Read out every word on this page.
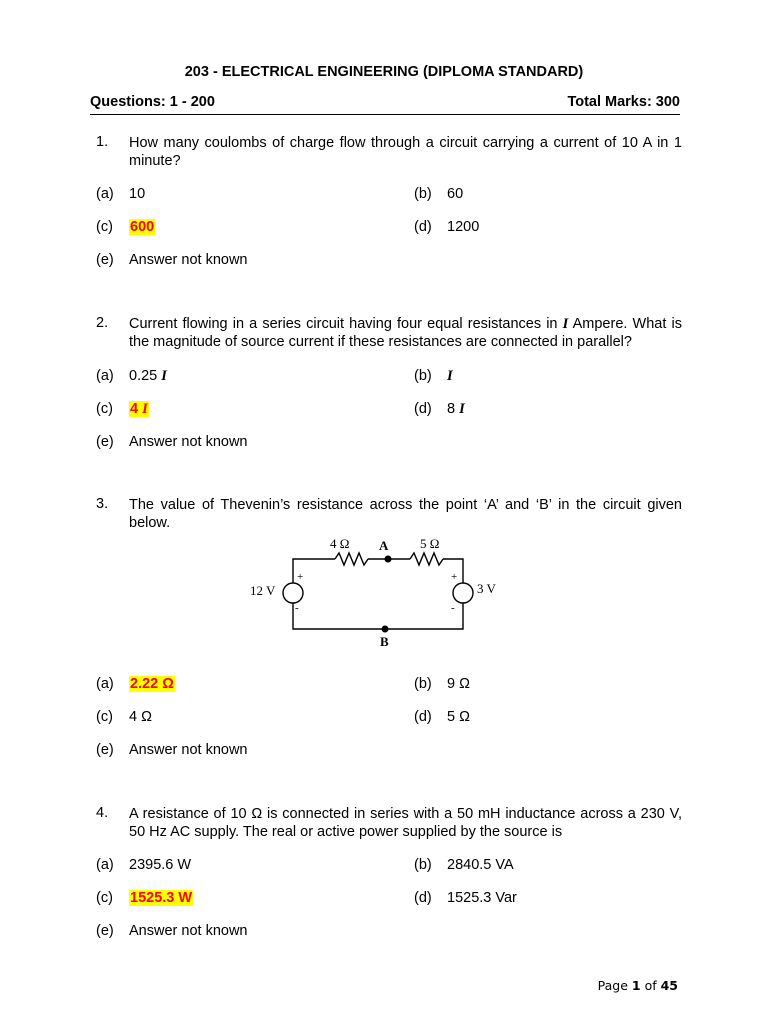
203 - ELECTRICAL ENGINEERING (DIPLOMA STANDARD)
Questions: 1 - 200	Total Marks: 300
1. How many coulombs of charge flow through a circuit carrying a current of 10 A in 1 minute?
(a) 10	(b) 60
(c) 600	(d) 1200
(e) Answer not known
2. Current flowing in a series circuit having four equal resistances in I Ampere. What is the magnitude of source current if these resistances are connected in parallel?
(a) 0.25 I	(b) I
(c) 4 I	(d) 8 I
(e) Answer not known
3. The value of Thevenin’s resistance across the point ‘A’ and ‘B’ in the circuit given below.
4 Ω	5 Ω
A
B
12 V	3 V
+
-
+
-
(a) 2.22 Ω	(b) 9 Ω
(c) 4 Ω	(d) 5 Ω
(e) Answer not known
4. A resistance of 10 Ω is connected in series with a 50 mH inductance across a 230 V, 50 Hz AC supply. The real or active power supplied by the source is
(a) 2395.6 W	(b) 2840.5 VA
(c) 1525.3 W	(d) 1525.3 Var
(e) Answer not known
Page 1 of 45
